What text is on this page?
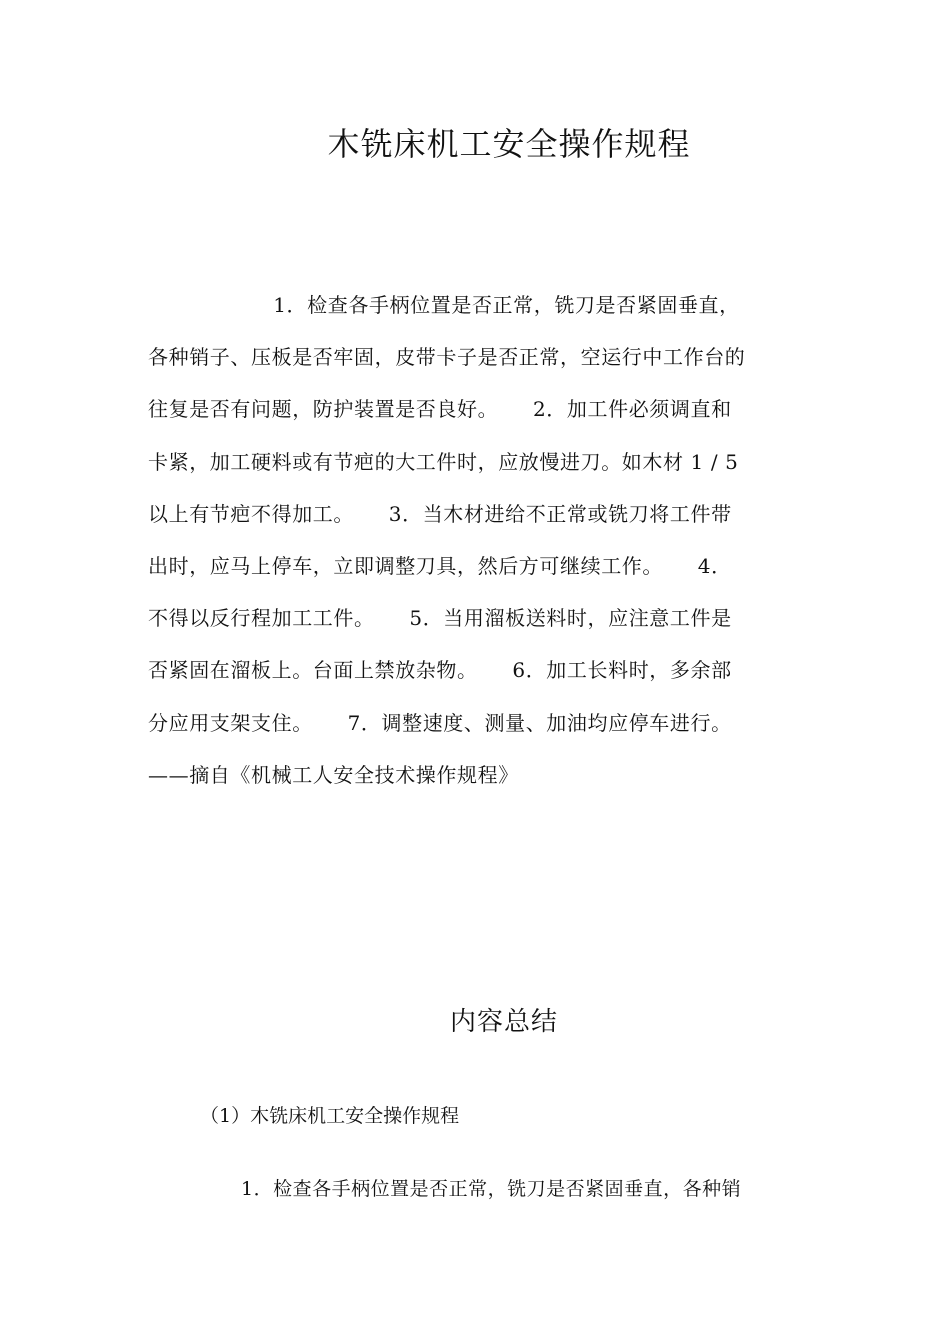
木铣床机工安全操作规程
1．检查各手柄位置是否正常，铣刀是否紧固垂直，
各种销子、压板是否牢固，皮带卡子是否正常，空运行中工作台的
往复是否有问题，防护装置是否良好。     2．加工件必须调直和
卡紧，加工硬料或有节疤的大工件时，应放慢进刀。如木材 1 / 5
以上有节疤不得加工。     3．当木材进给不正常或铣刀将工件带
出时，应马上停车，立即调整刀具，然后方可继续工作。     4．
不得以反行程加工工件。     5．当用溜板送料时，应注意工件是
否紧固在溜板上。台面上禁放杂物。     6．加工长料时，多余部
分应用支架支住。     7．调整速度、测量、加油均应停车进行。
——摘自《机械工人安全技术操作规程》
内容总结
（1）木铣床机工安全操作规程
1．检查各手柄位置是否正常，铣刀是否紧固垂直，各种销
